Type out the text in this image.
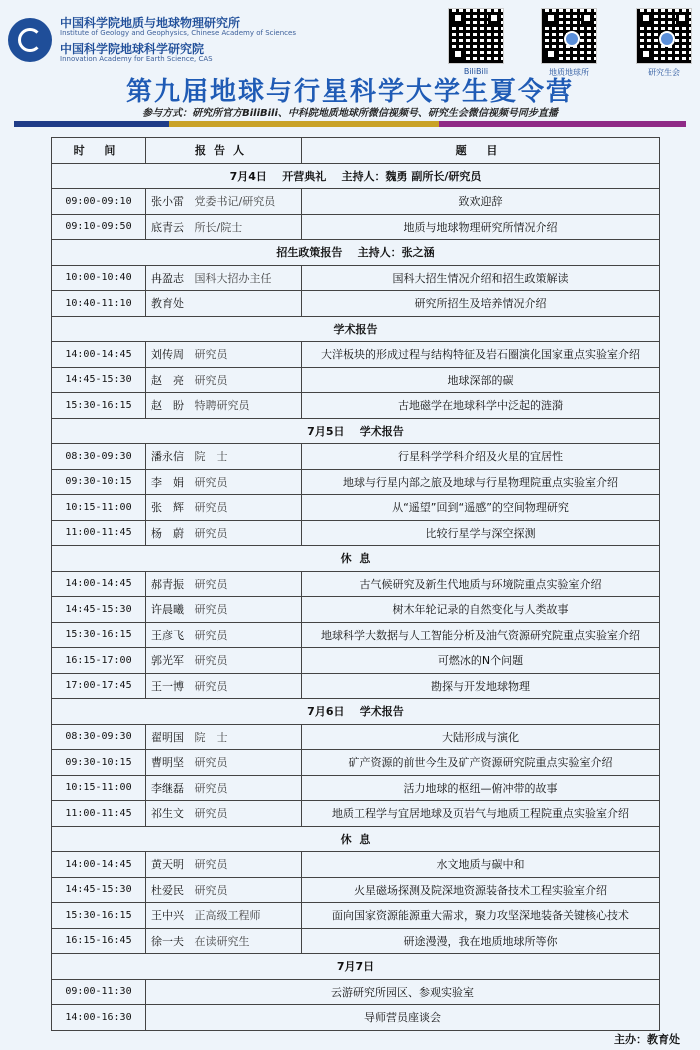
中国科学院地质与地球物理研究所
Institute of Geology and Geophysics, Chinese Academy of Sciences
中国科学院地球科学研究院
Innovation Academy for Earth Science, CAS
BiliBili	地质地球所	研究生会
第九届地球与行星科学大学生夏令营
参与方式：研究所官方BiliBili、中科院地质地球所微信视频号、研究生会微信视频号同步直播
时 间	报告人	题 目
7月4日    开营典礼    主持人：魏勇 副所长/研究员		
09:00-09:10	张小雷 党委书记/研究员	致欢迎辞
09:10-09:50	底青云 所长/院士	地质与地球物理研究所情况介绍
招生政策报告    主持人：张之涵		
10:00-10:40	冉盈志 国科大招办主任	国科大招生情况介绍和招生政策解读
10:40-11:10	教育处	研究所招生及培养情况介绍
学术报告		
14:00-14:45	刘传周 研究员	大洋板块的形成过程与结构特征及岩石圈演化国家重点实验室介绍
14:45-15:30	赵　亮 研究员	地球深部的碳
15:30-16:15	赵　盼 特聘研究员	古地磁学在地球科学中泛起的涟漪
7月5日    学术报告		
08:30-09:30	潘永信 院　士	行星科学学科介绍及火星的宜居性
09:30-10:15	李　娟 研究员	地球与行星内部之旅及地球与行星物理院重点实验室介绍
10:15-11:00	张　辉 研究员	从“遥望”回到“遥感”的空间物理研究
11:00-11:45	杨　蔚 研究员	比较行星学与深空探测
休  息		
14:00-14:45	郝青振 研究员	古气候研究及新生代地质与环境院重点实验室介绍
14:45-15:30	许晨曦 研究员	树木年轮记录的自然变化与人类故事
15:30-16:15	王彦飞 研究员	地球科学大数据与人工智能分析及油气资源研究院重点实验室介绍
16:15-17:00	郭光军 研究员	可燃冰的N个问题
17:00-17:45	王一博 研究员	勘探与开发地球物理
7月6日    学术报告		
08:30-09:30	翟明国 院　士	大陆形成与演化
09:30-10:15	曹明坚 研究员	矿产资源的前世今生及矿产资源研究院重点实验室介绍
10:15-11:00	李继磊 研究员	活力地球的枢纽—俯冲带的故事
11:00-11:45	祁生文 研究员	地质工程学与宜居地球及页岩气与地质工程院重点实验室介绍
休  息		
14:00-14:45	黄天明 研究员	水文地质与碳中和
14:45-15:30	杜爱民 研究员	火星磁场探测及院深地资源装备技术工程实验室介绍
15:30-16:15	王中兴 正高级工程师	面向国家资源能源重大需求，聚力攻坚深地装备关键核心技术
16:15-16:45	徐一夫 在读研究生	研途漫漫，我在地质地球所等你
7月7日		
09:00-11:30	云游研究所园区、参观实验室	
14:00-16:30	导师营员座谈会	
主办：教育处
